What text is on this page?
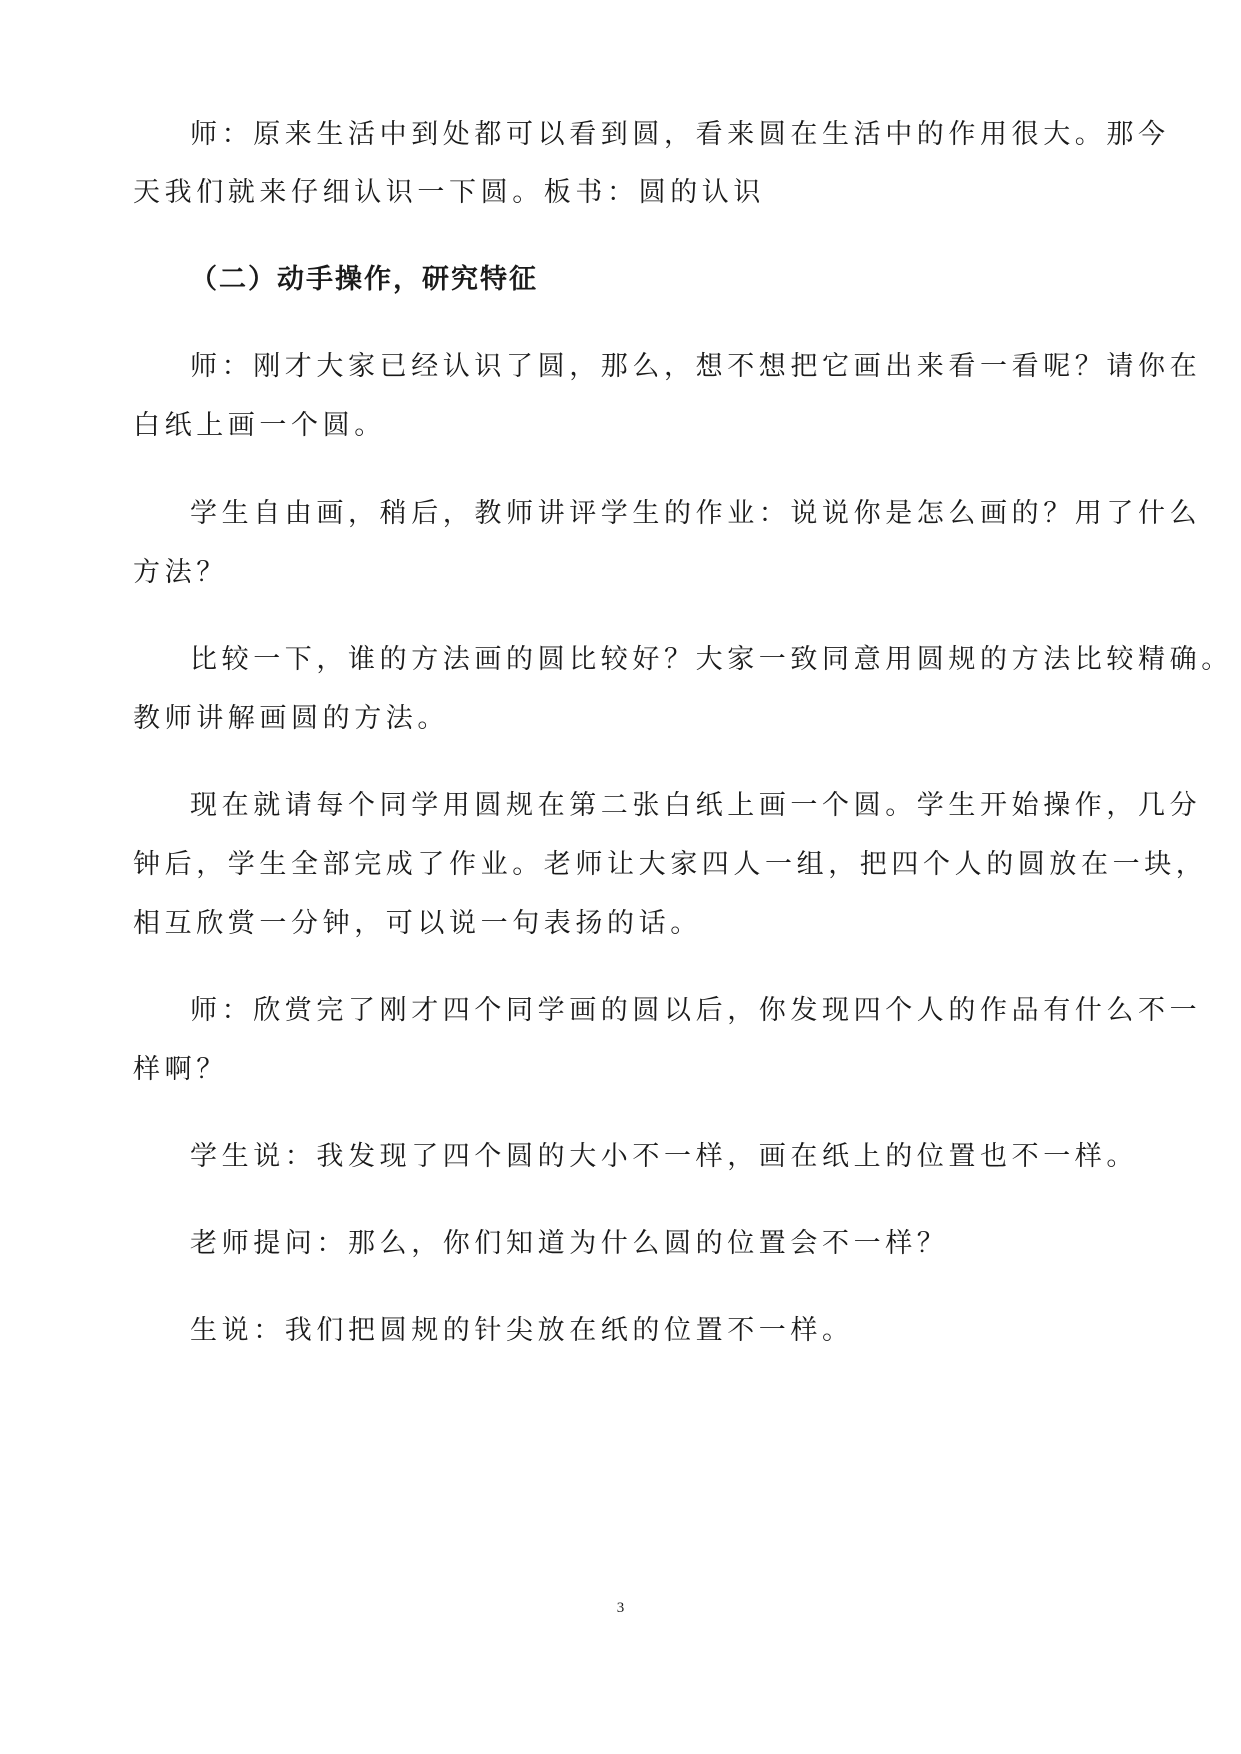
师：原来生活中到处都可以看到圆，看来圆在生活中的作用很大。那今
天我们就来仔细认识一下圆。板书：圆的认识
（二）动手操作，研究特征
师：刚才大家已经认识了圆，那么，想不想把它画出来看一看呢？请你在
白纸上画一个圆。
学生自由画，稍后，教师讲评学生的作业：说说你是怎么画的？用了什么
方法？
比较一下，谁的方法画的圆比较好？大家一致同意用圆规的方法比较精确。
教师讲解画圆的方法。
现在就请每个同学用圆规在第二张白纸上画一个圆。学生开始操作，几分
钟后，学生全部完成了作业。老师让大家四人一组，把四个人的圆放在一块，
相互欣赏一分钟，可以说一句表扬的话。
师：欣赏完了刚才四个同学画的圆以后，你发现四个人的作品有什么不一
样啊？
学生说：我发现了四个圆的大小不一样，画在纸上的位置也不一样。
老师提问：那么，你们知道为什么圆的位置会不一样？
生说：我们把圆规的针尖放在纸的位置不一样。
3
